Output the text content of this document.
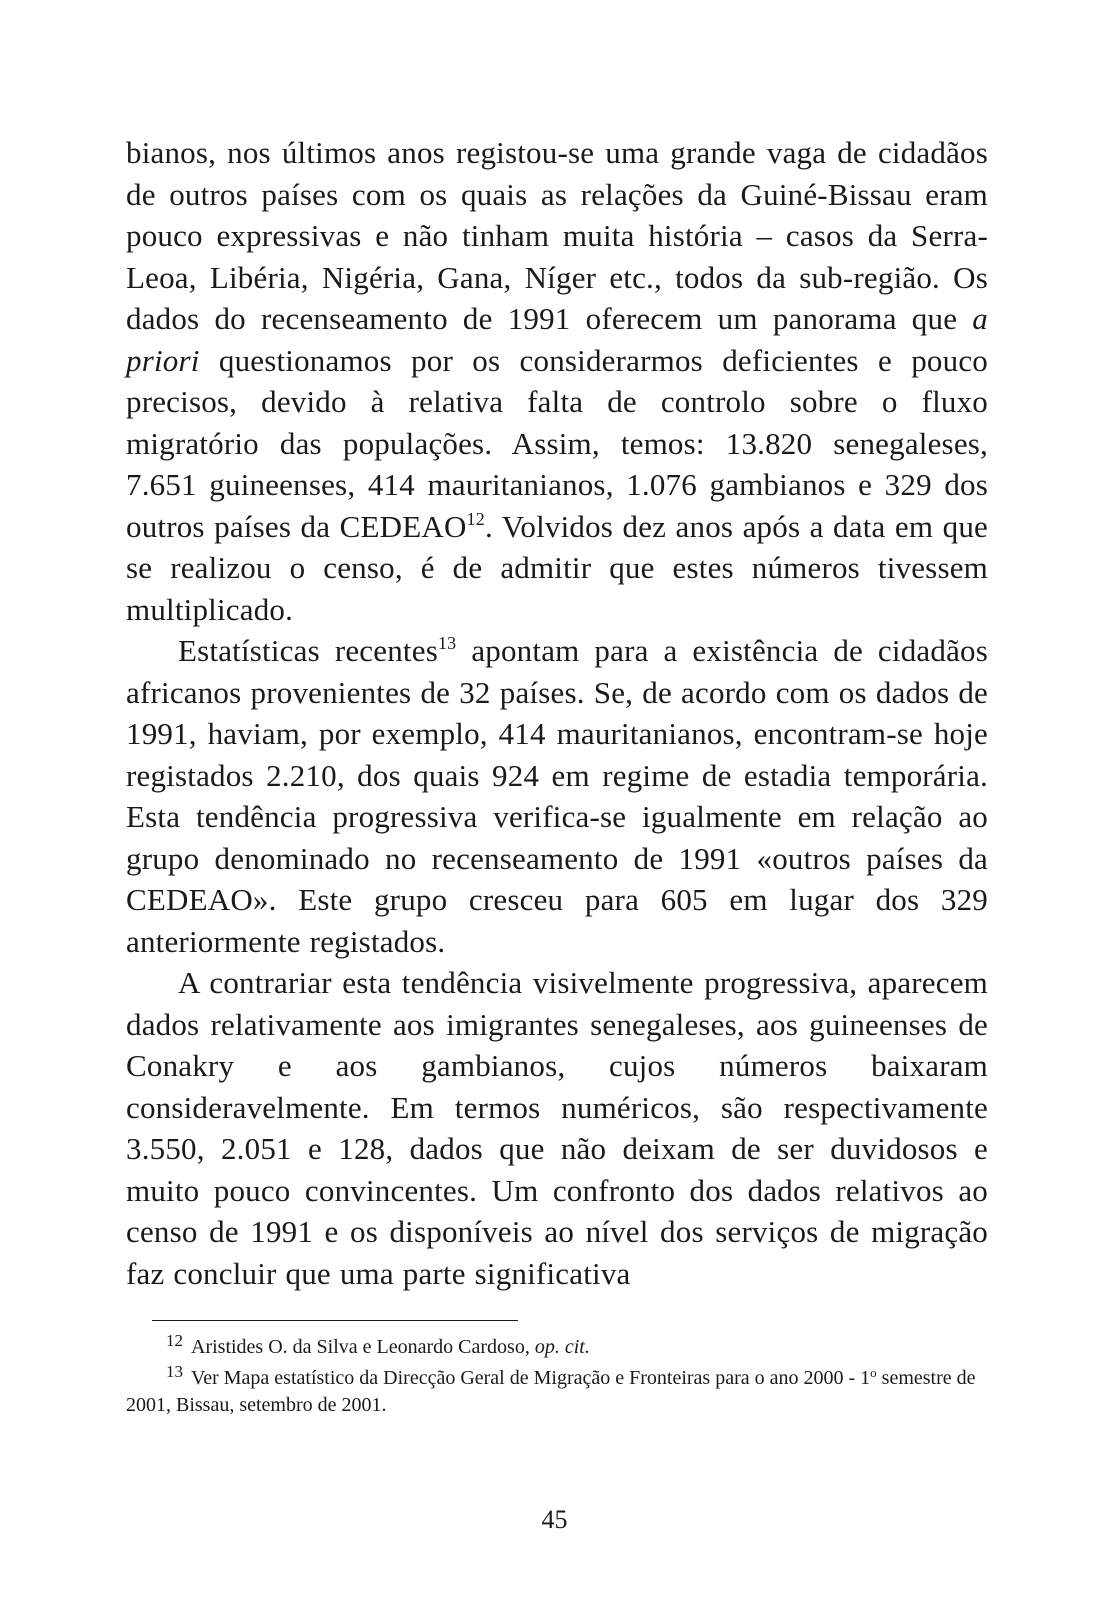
bianos, nos últimos anos registou-se uma grande vaga de cidadãos de outros países com os quais as relações da Guiné-Bissau eram pouco expressivas e não tinham muita história – casos da Serra-Leoa, Libéria, Nigéria, Gana, Níger etc., todos da sub-região. Os dados do recenseamento de 1991 oferecem um panorama que a priori questionamos por os considerarmos deficientes e pouco precisos, devido à relativa falta de controlo sobre o fluxo migratório das populações. Assim, temos: 13.820 senegaleses, 7.651 guineenses, 414 mauritanianos, 1.076 gambianos e 329 dos outros países da CEDEAO$^{12}$. Volvidos dez anos após a data em que se realizou o censo, é de admitir que estes números tivessem multiplicado.

Estatísticas recentes$^{13}$ apontam para a existência de cidadãos africanos provenientes de 32 países. Se, de acordo com os dados de 1991, haviam, por exemplo, 414 mauritanianos, encontram-se hoje registados 2.210, dos quais 924 em regime de estadia temporária. Esta tendência progressiva verifica-se igualmente em relação ao grupo denominado no recenseamento de 1991 «outros países da CEDEAO». Este grupo cresceu para 605 em lugar dos 329 anteriormente registados.

A contrariar esta tendência visivelmente progressiva, aparecem dados relativamente aos imigrantes senegaleses, aos guineenses de Conakry e aos gambianos, cujos números baixaram consideravelmente. Em termos numéricos, são respectivamente 3.550, 2.051 e 128, dados que não deixam de ser duvidosos e muito pouco convincentes. Um confronto dos dados relativos ao censo de 1991 e os disponíveis ao nível dos serviços de migração faz concluir que uma parte significativa

$^{12}$ Aristides O. da Silva e Leonardo Cardoso, op. cit.

$^{13}$ Ver Mapa estatístico da Direcção Geral de Migração e Fronteiras para o ano 2000 - 1$^o$ semestre de 2001, Bissau, setembro de 2001.

45
